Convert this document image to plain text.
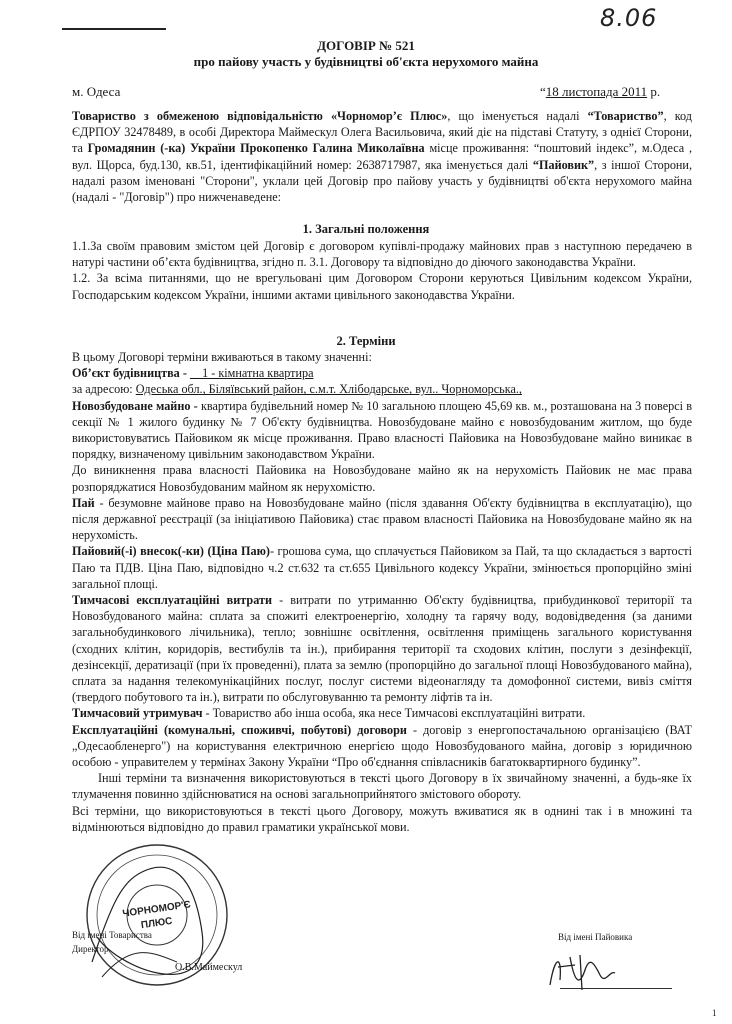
8.06
ДОГОВІР № 521
про пайову участь у будівництві об'єкта нерухомого майна
м. Одеса	“18 листопада 2011 р.

Товариство з обмеженою відповідальністю «Чорномор’є Плюс», що іменується надалі “Товариство”, код ЄДРПОУ 32478489, в особі Директора Маймескул Олега Васильовича, який діє на підставі Статуту, з однієї Сторони, та Громадянин (-ка) України Прокопенко Галина Миколаївна місце проживання: “поштовий індекс”, м.Одеса , вул. Щорса, буд.130, кв.51, ідентифікаційний номер: 2638717987, яка іменується далі “Пайовик”, з іншої Сторони, надалі разом іменовані "Сторони", уклали цей Договір про пайову участь у будівництві об'єкта нерухомого майна (надалі - "Договір") про нижченаведене:

1. Загальні положення

1.1.За своїм правовим змістом цей Договір є договором купівлі-продажу майнових прав з наступною передачею в натурі частини об’єкта будівництва, згідно п. 3.1. Договору та відповідно до діючого законодавства України.

1.2. За всіма питаннями, що не врегульовані цим Договором Сторони керуються Цивільним кодексом України, Господарським кодексом України, іншими актами цивільного законодавства України.

2. Терміни

В цьому Договорі терміни вживаються в такому значенні:

Об’єкт будівництва - __1 - кімнатна квартира

за адресою: Одеська обл., Біляївський район, с.м.т. Хлібодарське, вул.. Чорноморська.,

Новозбудоване майно - квартира будівельний номер № 10 загальною площею 45,69 кв. м., розташована на 3 поверсі в секції № 1 жилого будинку № 7 Об'єкту будівництва. Новозбудоване майно є новозбудованим житлом, що буде використовуватись Пайовиком як місце проживання. Право власності Пайовика на Новозбудоване майно виникає в порядку, визначеному цивільним законодавством України.

До виникнення права власності Пайовика на Новозбудоване майно як на нерухомість Пайовик не має права розпоряджатися Новозбудованим майном як нерухомістю.

Пай - безумовне майнове право на Новозбудоване майно (після здавання Об'єкту будівництва в експлуатацію), що після державної реєстрації (за ініціативою Пайовика) стає правом власності Пайовика на Новозбудоване майно як на нерухомість.

Пайовий(-і) внесок(-ки) (Ціна Паю)- грошова сума, що сплачується Пайовиком за Пай, та що складається з вартості Паю та ПДВ. Ціна Паю, відповідно ч.2 ст.632 та ст.655 Цивільного кодексу України, змінюється пропорційно зміні загальної площі.

Тимчасові експлуатаційні витрати - витрати по утриманню Об'єкту будівництва, прибудинкової території та Новозбудованого майна: сплата за спожиті електроенергію, холодну та гарячу воду, водовідведення (за даними загальнобудинкового лічильника), тепло; зовнішнє освітлення, освітлення приміщень загального користування (сходних клітин, коридорів, вестибулів та ін.), прибирання території та сходових клітин, послуги з дезінфекції, дезінсекції, дератизації (при їх проведенні), плата за землю (пропорційно до загальної площі Новозбудованого майна), сплата за надання телекомунікаційних послуг, послуг системи відеонагляду та домофонної системи, вивіз сміття (твердого побутового та ін.), витрати по обслуговуванню та ремонту ліфтів та ін.

Тимчасовий утримувач - Товариство або інша особа, яка несе Тимчасові експлуатаційні витрати.

Експлуатаційні (комунальні, споживчі, побутові) договори - договір з енергопостачальною організацією (ВАТ „Одесаобленерго") на користування електричною енергією щодо Новозбудованого майна, договір з юридичною особою - управителем у термінах Закону України “Про об'єднання співласників багатоквартирного будинку”.

Інші терміни та визначення використовуються в тексті цього Договору в їх звичайному значенні, а будь-яке їх тлумачення повинно здійснюватися на основі загальноприйнятого змістового обороту.

Всі терміни, що використовуються в тексті цього Договору, можуть вживатися як в однині так і в множині та відмінюються відповідно до правил граматики української мови.

ЧОРНОМОР'Є
ПЛЮС
Від імені Товариства
Директор
О.В.Маймескул
Від імені Пайовика
1
